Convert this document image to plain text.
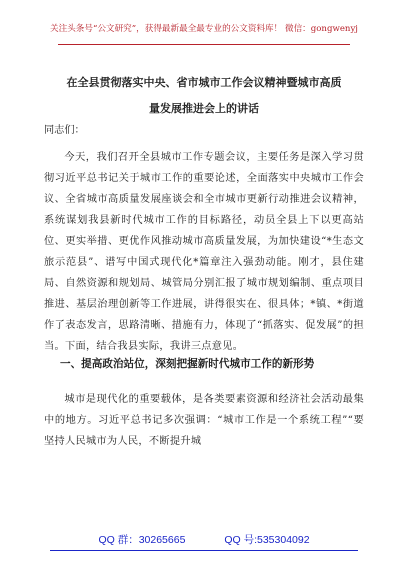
关注头条号“公文研究”，获得最新最全最专业的公文资料库！ 微信：gongwenyj
在全县贯彻落实中央、省市城市工作会议精神暨城市高质
量发展推进会上的讲话
同志们：
今天，我们召开全县城市工作专题会议，主要任务是深入学习贯彻习近平总书记关于城市工作的重要论述，全面落实中央城市工作会议、全省城市高质量发展座谈会和全市城市更新行动推进会议精神，系统谋划我县新时代城市工作的目标路径，动员全县上下以更高站位、更实举措、更优作风推动城市高质量发展，为加快建设“*生态文旅示范县”、谱写中国式现代化*篇章注入强劲动能。刚才，县住建局、自然资源和规划局、城管局分别汇报了城市规划编制、重点项目推进、基层治理创新等工作进展，讲得很实在、很具体；*镇、*街道作了表态发言，思路清晰、措施有力，体现了“抓落实、促发展”的担当。下面，结合我县实际，我讲三点意见。
一、提高政治站位，深刻把握新时代城市工作的新形势
城市是现代化的重要载体，是各类要素资源和经济社会活动最集中的地方。习近平总书记多次强调：“城市工作是一个系统工程”“要坚持人民城市为人民，不断提升城
QQ 群：30265665	QQ 号:535304092
